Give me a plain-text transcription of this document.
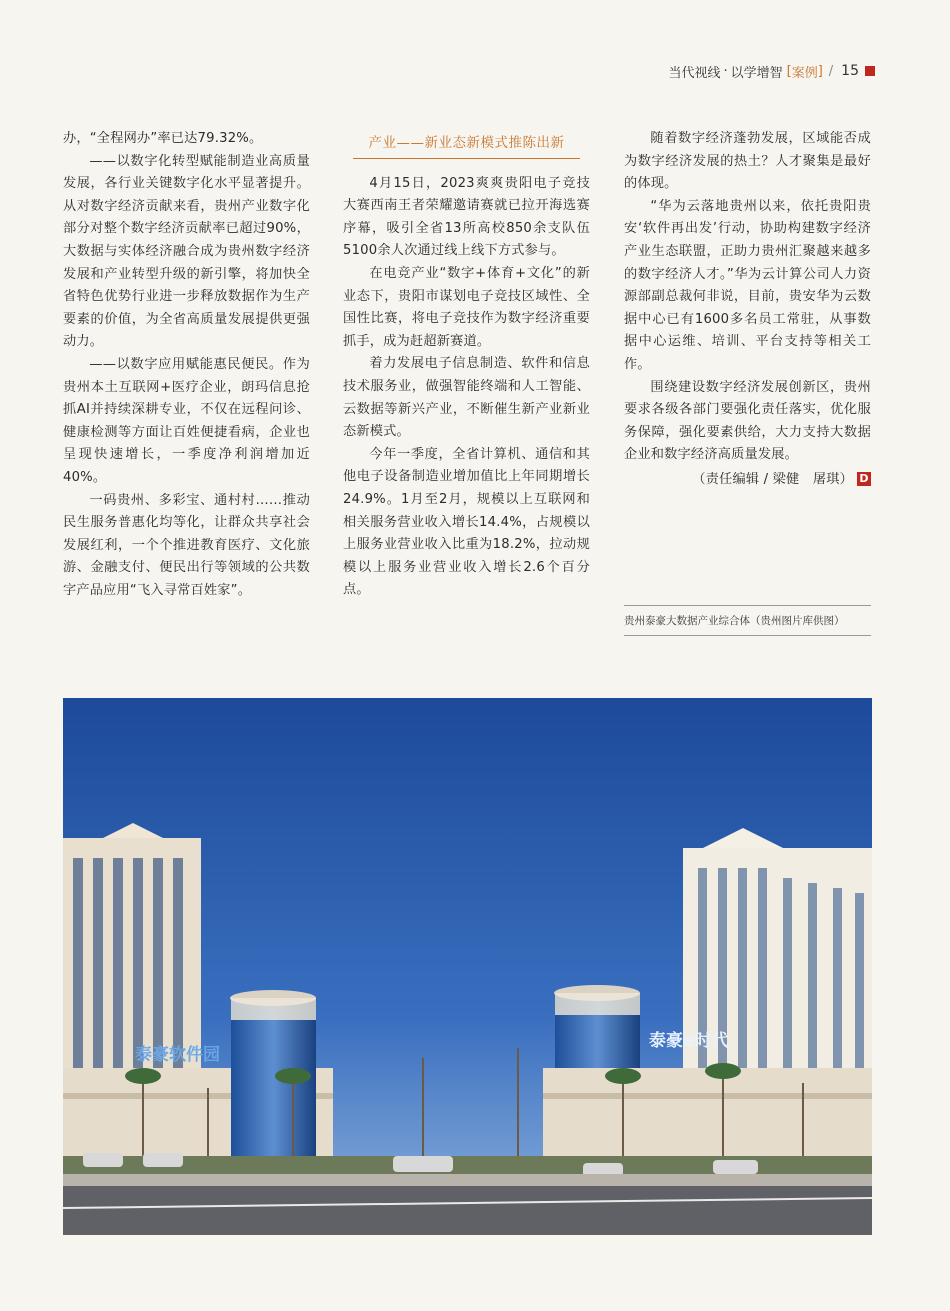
当代视线 · 以学增智 [ 案例 ] / 15

办，“全程网办”率已达79.32%。

——以数字化转型赋能制造业高质量发展，各行业关键数字化水平显著提升。从对数字经济贡献来看，贵州产业数字化部分对整个数字经济贡献率已超过90%，大数据与实体经济融合成为贵州数字经济发展和产业转型升级的新引擎，将加快全省特色优势行业进一步释放数据作为生产要素的价值，为全省高质量发展提供更强动力。

——以数字应用赋能惠民便民。作为贵州本土互联网+医疗企业，朗玛信息抢抓AI并持续深耕专业，不仅在远程问诊、健康检测等方面让百姓便捷看病，企业也呈现快速增长，一季度净利润增加近40%。

一码贵州、多彩宝、通村村……推动民生服务普惠化均等化，让群众共享社会发展红利，一个个推进教育医疗、文化旅游、金融支付、便民出行等领域的公共数字产品应用“飞入寻常百姓家”。

产业——新业态新模式推陈出新

4月15日，2023爽爽贵阳电子竞技大赛西南王者荣耀邀请赛就已拉开海选赛序幕，吸引全省13所高校850余支队伍5100余人次通过线上线下方式参与。

在电竞产业“数字+体育+文化”的新业态下，贵阳市谋划电子竞技区域性、全国性比赛，将电子竞技作为数字经济重要抓手，成为赶超新赛道。

着力发展电子信息制造、软件和信息技术服务业，做强智能终端和人工智能、云数据等新兴产业，不断催生新产业新业态新模式。

今年一季度，全省计算机、通信和其他电子设备制造业增加值比上年同期增长24.9%。1月至2月，规模以上互联网和相关服务营业收入增长14.4%，占规模以上服务业营业收入比重为18.2%，拉动规模以上服务业营业收入增长2.6个百分点。

随着数字经济蓬勃发展，区域能否成为数字经济发展的热土？人才聚集是最好的体现。

“华为云落地贵州以来，依托贵阳贵安‘软件再出发’行动，协助构建数字经济产业生态联盟，正助力贵州汇聚越来越多的数字经济人才。”华为云计算公司人力资源部副总裁何非说，目前，贵安华为云数据中心已有1600多名员工常驻，从事数据中心运维、培训、平台支持等相关工作。

围绕建设数字经济发展创新区，贵州要求各级各部门要强化责任落实，优化服务保障，强化要素供给，大力支持大数据企业和数字经济高质量发展。

（责任编辑 / 梁健　屠琪） D
贵州泰豪大数据产业综合体（贵州图片库供图）
泰豪软件园
泰豪e时代
